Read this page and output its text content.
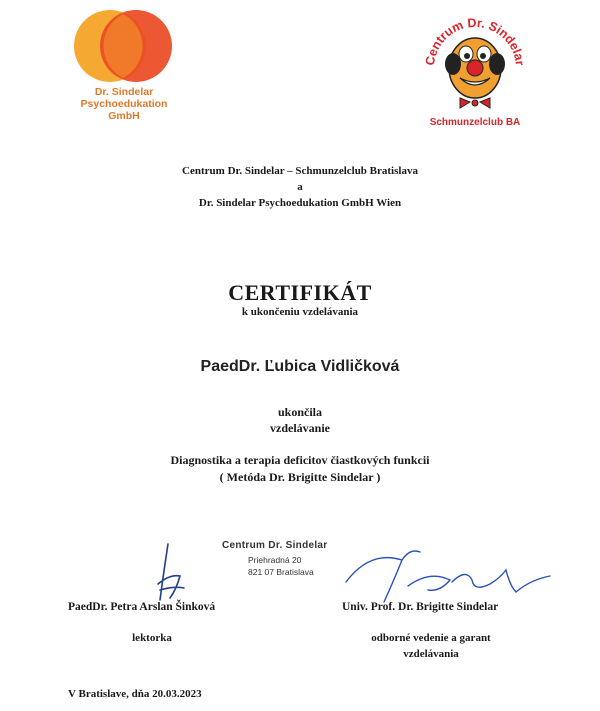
Dr. Sindelar
Psychoedukation
GmbH
Centrum Dr. Sindelar
Schmunzelclub BA
Centrum Dr. Sindelar – Schmunzelclub Bratislava
a
Dr. Sindelar Psychoedukation GmbH Wien
CERTIFIKÁT
k ukončeniu vzdelávania
PaedDr. Ľubica Vidličková
ukončila
vzdelávanie
Diagnostika a terapia deficitov čiastkových funkcii
( Metóda Dr. Brigitte Sindelar )
Centrum Dr. Sindelar
Priehradná 20
821 07 Bratislava
PaedDr. Petra Arslan Šinková	Univ. Prof. Dr. Brigitte Sindelar
lektorka	odborné vedenie a garant
vzdelávania
V Bratislave, dňa 20.03.2023
